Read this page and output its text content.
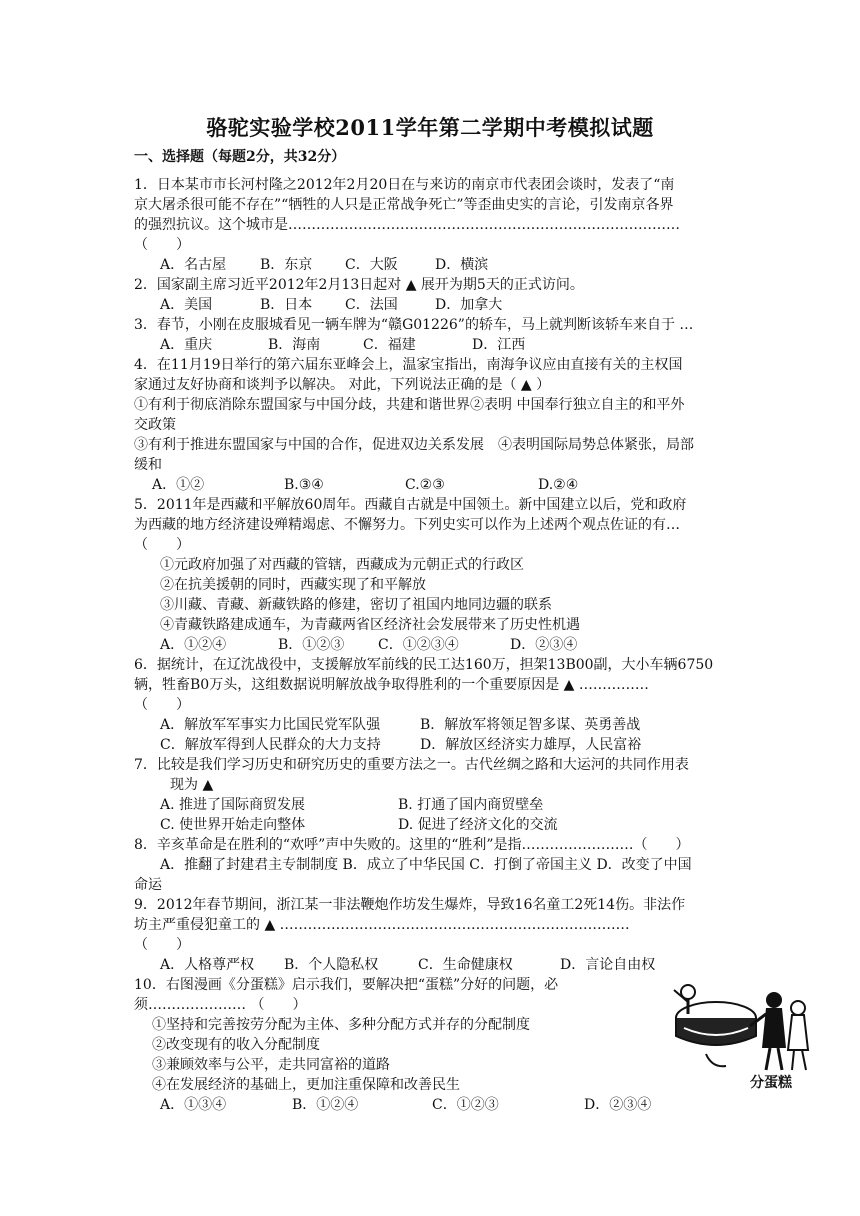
骆驼实验学校2011学年第二学期中考模拟试题
一、选择题（每题2分，共32分）
1．日本某市市长河村隆之2012年2月20日在与来访的南京市代表团会谈时，发表了“南
京大屠杀很可能不存在”“牺牲的人只是正常战争死亡”等歪曲史实的言论，引发南京各界
的强烈抗议。这个城市是…………………………………………………………………………
（　　）
A．名古屋 B．东京 C．大阪	D．横滨
2．国家副主席习近平2012年2月13日起对 ▲ 展开为期5天的正式访问。
A．美国	B．日本 C．法国	D．加拿大
3．春节，小刚在皮服城看见一辆车牌为“赣G01226”的轿车，马上就判断该轿车来自于 …
A．重庆	B．海南	C．福建	D．江西
4．在11月19日举行的第六届东亚峰会上，温家宝指出，南海争议应由直接有关的主权国
家通过友好协商和谈判予以解决。 对此，下列说法正确的是（ ▲ ）
①有利于彻底消除东盟国家与中国分歧，共建和谐世界②表明 中国奉行独立自主的和平外
交政策
③有利于推进东盟国家与中国的合作，促进双边关系发展　④表明国际局势总体紧张，局部
缓和
A．①②	B.③④	C.②③	D.②④
5．2011年是西藏和平解放60周年。西藏自古就是中国领土。新中国建立以后，党和政府
为西藏的地方经济建设殚精竭虑、不懈努力。下列史实可以作为上述两个观点佐证的有…
（　　）
①元政府加强了对西藏的管辖，西藏成为元朝正式的行政区
②在抗美援朝的同时，西藏实现了和平解放
③川藏、青藏、新藏铁路的修建，密切了祖国内地同边疆的联系
④青藏铁路建成通车，为青藏两省区经济社会发展带来了历史性机遇
A．①②④	B．①②③ C．①②③④	D．②③④
6．据统计，在辽沈战役中，支援解放军前线的民工达160万，担架13B00副，大小车辆6750
辆，牲畜B0万头，这组数据说明解放战争取得胜利的一个重要原因是 ▲ ……………
（　　）
A．解放军军事实力比国民党军队强	B．解放军将领足智多谋、英勇善战
C．解放军得到人民群众的大力支持	D．解放区经济实力雄厚，人民富裕
7．比较是我们学习历史和研究历史的重要方法之一。古代丝绸之路和大运河的共同作用表
现为 ▲
A. 推进了国际商贸发展	B. 打通了国内商贸壁垒
C. 使世界开始走向整体	D. 促进了经济文化的交流
8．辛亥革命是在胜利的“欢呼”声中失败的。这里的“胜利”是指……………………（　　）
A．推翻了封建君主专制制度 B．成立了中华民国 C．打倒了帝国主义 D．改变了中国
命运
9．2012年春节期间，浙江某一非法鞭炮作坊发生爆炸，导致16名童工2死14伤。非法作
坊主严重侵犯童工的 ▲ …………………………………………………………………
（　　）
A．人格尊严权 B．个人隐私权	C．生命健康权	D．言论自由权
10．右图漫画《分蛋糕》启示我们，要解决把“蛋糕”分好的问题，必
须………………… （　　）
①坚持和完善按劳分配为主体、多种分配方式并存的分配制度
②改变现有的收入分配制度
③兼顾效率与公平，走共同富裕的道路
④在发展经济的基础上，更加注重保障和改善民生
A．①③④	B．①②④	C．①②③	D．②③④
分蛋糕
